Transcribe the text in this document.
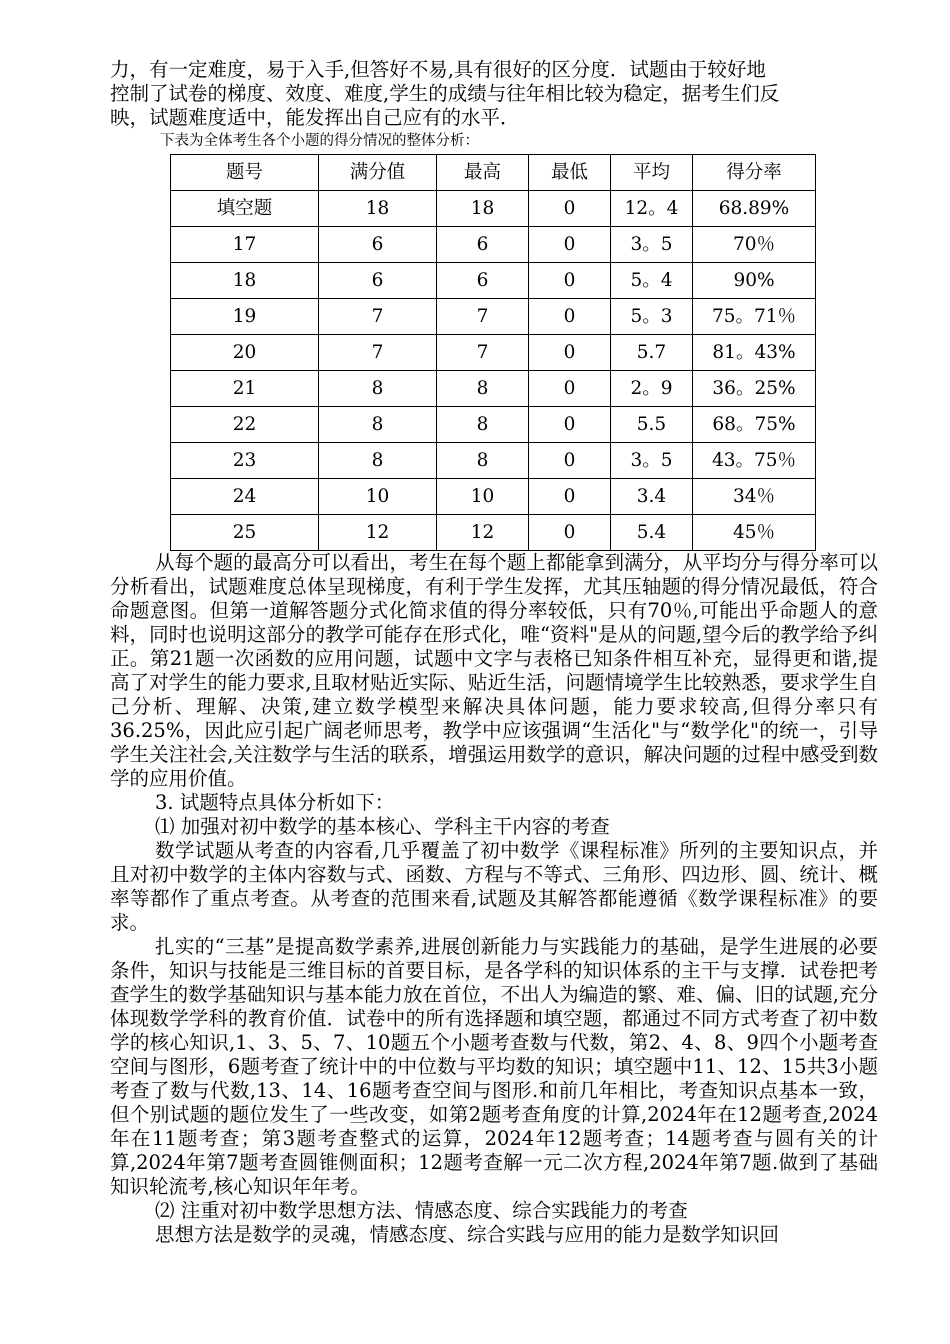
力，有一定难度，易于入手,但答好不易,具有很好的区分度．试题由于较好地

控制了试卷的梯度、效度、难度,学生的成绩与往年相比较为稳定，据考生们反

映，试题难度适中，能发挥出自己应有的水平．

下表为全体考生各个小题的得分情况的整体分析：

题号	满分值	最高	最低	平均	得分率
填空题	18	18	0	12。4	68.89%
17	6	6	0	3。5	70％
18	6	6	0	5。4	90%
19	7	7	0	5。3	75。71％
20	7	7	0	5.7	81。43%
21	8	8	0	2。9	36。25%
22	8	8	0	5.5	68。75%
23	8	8	0	3。5	43。75％
24	10	10	0	3.4	34％
25	12	12	0	5.4	45％

从每个题的最高分可以看出，考生在每个题上都能拿到满分，从平均分与得分率可以分析看出，试题难度总体呈现梯度，有利于学生发挥，尤其压轴题的得分情况最低，符合命题意图。但第一道解答题分式化简求值的得分率较低，只有70％,可能出乎命题人的意料，同时也说明这部分的教学可能存在形式化，唯“资料"是从的问题,望今后的教学给予纠正。第21题一次函数的应用问题，试题中文字与表格已知条件相互补充，显得更和谐,提高了对学生的能力要求,且取材贴近实际、贴近生活，问题情境学生比较熟悉，要求学生自己分析、理解、决策,建立数学模型来解决具体问题，能力要求较高,但得分率只有36.25%，因此应引起广阔老师思考，教学中应该强调“生活化"与“数学化"的统一，引导学生关注社会,关注数学与生活的联系，增强运用数学的意识，解决问题的过程中感受到数学的应用价值。

3. 试题特点具体分析如下：

⑴ 加强对初中数学的基本核心、学科主干内容的考查

数学试题从考查的内容看,几乎覆盖了初中数学《课程标准》所列的主要知识点，并且对初中数学的主体内容数与式、函数、方程与不等式、三角形、四边形、圆、统计、概率等都作了重点考查。从考查的范围来看,试题及其解答都能遵循《数学课程标准》的要求。

扎实的“三基”是提高数学素养,进展创新能力与实践能力的基础，是学生进展的必要条件，知识与技能是三维目标的首要目标，是各学科的知识体系的主干与支撑．试卷把考查学生的数学基础知识与基本能力放在首位，不出人为编造的繁、难、偏、旧的试题,充分体现数学学科的教育价值．试卷中的所有选择题和填空题，都通过不同方式考查了初中数学的核心知识,1、3、5、7、10题五个小题考查数与代数，第2、4、8、9四个小题考查空间与图形，6题考查了统计中的中位数与平均数的知识；填空题中11、12、15共3小题考查了数与代数,13、14、16题考查空间与图形.和前几年相比，考查知识点基本一致，但个别试题的题位发生了一些改变，如第2题考查角度的计算,2024年在12题考查,2024年在11题考查；第3题考查整式的运算，2024年12题考查；14题考查与圆有关的计算,2024年第7题考查圆锥侧面积；12题考查解一元二次方程,2024年第7题.做到了基础知识轮流考,核心知识年年考。

⑵ 注重对初中数学思想方法、情感态度、综合实践能力的考查

思想方法是数学的灵魂，情感态度、综合实践与应用的能力是数学知识回
